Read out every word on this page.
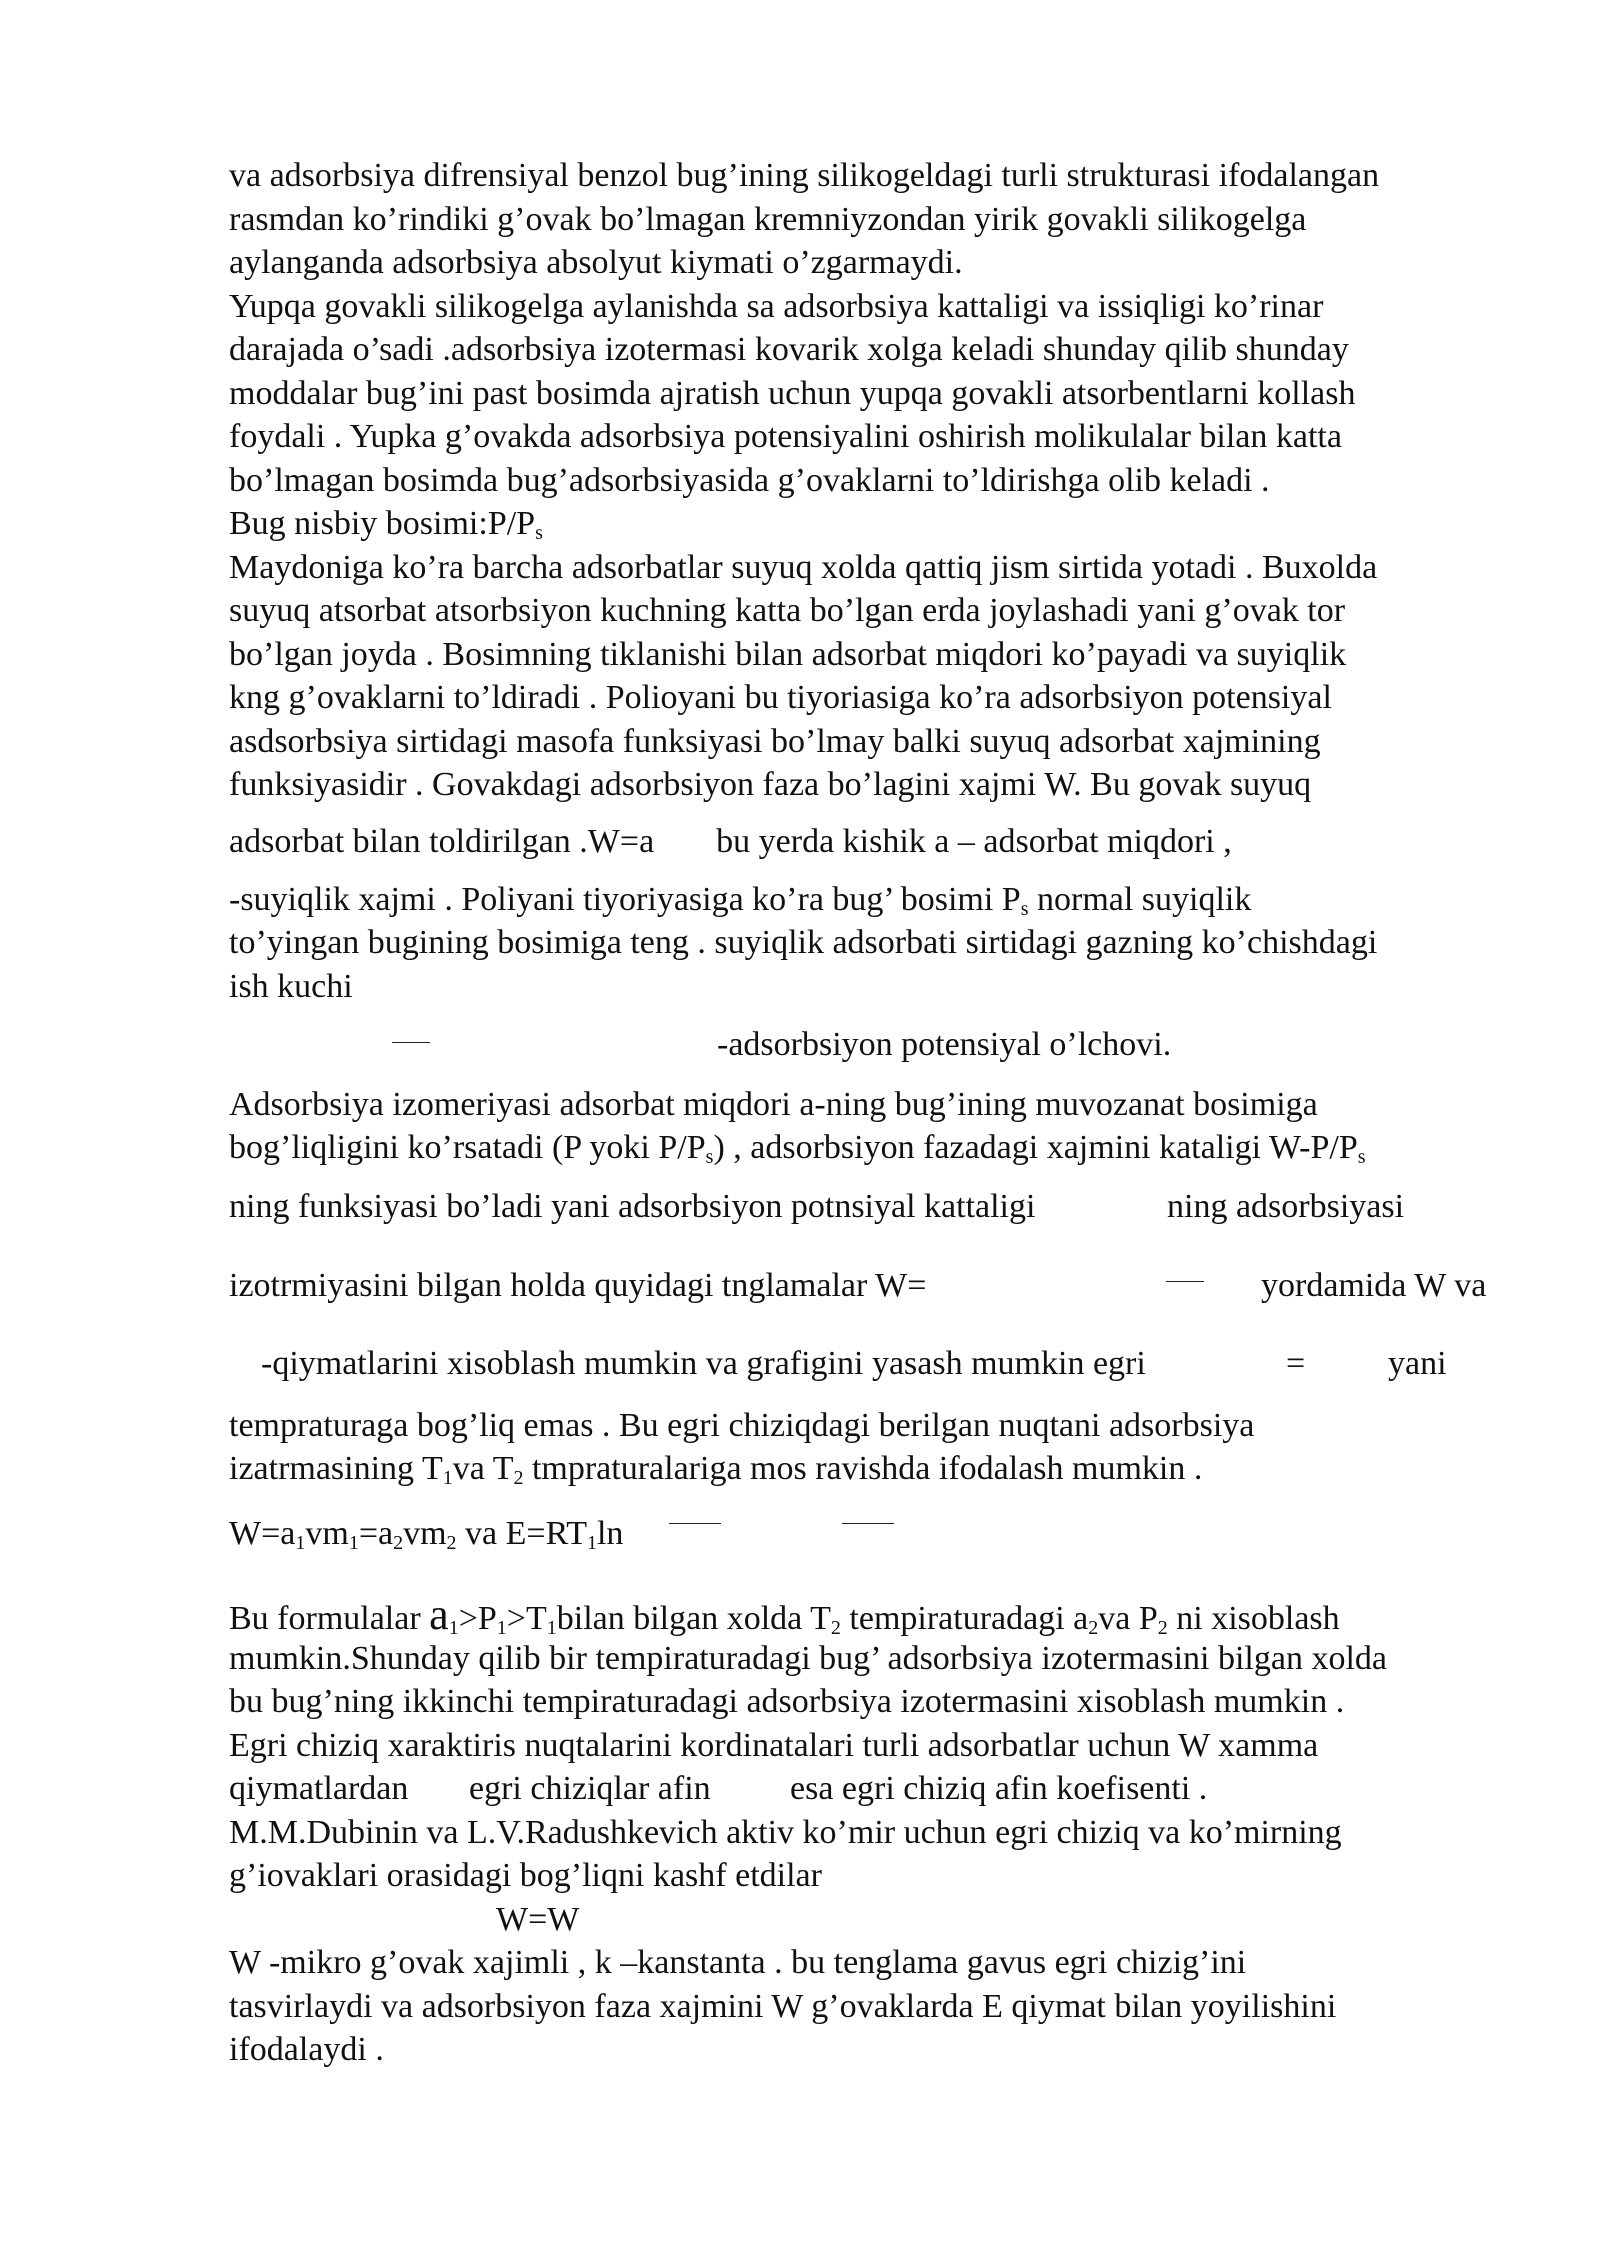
va adsorbsiya difrensiyal benzol bug’ining silikogeldagi turli strukturasi ifodalangan
rasmdan ko’rindiki g’ovak bo’lmagan kremniyzondan yirik govakli silikogelga
aylanganda adsorbsiya absolyut kiymati o’zgarmaydi.
Yupqa govakli silikogelga aylanishda sa adsorbsiya kattaligi va issiqligi ko’rinar
darajada o’sadi .adsorbsiya izotermasi kovarik xolga keladi shunday qilib shunday
moddalar bug’ini past bosimda ajratish uchun yupqa govakli atsorbentlarni kollash
foydali . Yupka g’ovakda adsorbsiya potensiyalini oshirish molikulalar bilan katta
bo’lmagan bosimda bug’adsorbsiyasida g’ovaklarni to’ldirishga olib keladi .
Bug nisbiy $bosimi:P/P_s$
Maydoniga ko’ra barcha adsorbatlar suyuq xolda qattiq jism sirtida yotadi . Buxolda
suyuq atsorbat atsorbsiyon kuchning katta bo’lgan erda joylashadi yani g’ovak tor
bo’lgan joyda . Bosimning tiklanishi bilan adsorbat miqdori ko’payadi va suyiqlik
kng g’ovaklarni to’ldiradi . Polioyani bu tiyoriasiga ko’ra adsorbsiyon potensiyal
asdsorbsiya sirtidagi masofa funksiyasi bo’lmay balki suyuq adsorbat xajmining
funksiyasidir . Govakdagi adsorbsiyon faza bo’lagini xajmi W. Bu govak suyuq
adsorbat bilan toldirilgan .W=a bu yerda kishik a – adsorbat miqdori ,
-suyiqlik xajmi . Poliyani tiyoriyasiga ko’ra bug’ bosimi $P_s$ normal suyiqlik
to’yingan bugining bosimiga teng . suyiqlik adsorbati sirtidagi gazning ko’chishdagi
ish kuchi
-adsorbsiyon potensiyal o’lchovi.
Adsorbsiya izomeriyasi adsorbat miqdori a-ning bug’ining muvozanat bosimiga
bog’liqligini ko’rsatadi (P yoki $P/P_s$) , adsorbsiyon fazadagi xajmini kataligi $W-P/P_s$
ning funksiyasi bo’ladi yani adsorbsiyon potnsiyal kattaligi	ning adsorbsiyasi
izotrmiyasini bilgan holda quyidagi tnglamalar W=	yordamida W va
-qiymatlarini xisoblash mumkin va grafigini yasash mumkin egri	= yani
tempraturaga bog’liq emas . Bu egri chiziqdagi berilgan nuqtani adsorbsiya
izatrmasining $T_1va$ $T_2$ tmpraturalariga mos ravishda ifodalash mumkin .
$W=a_1vm_1=a_2vm_2$ va $E=RT_1\ln$
Bu formulalar $a_1>P_1>T_1bilan$ bilgan xolda $T_2$ tempiraturadagi $a_2va$ $P_2$ ni xisoblash
mumkin.Shunday qilib bir tempiraturadagi bug’ adsorbsiya izotermasini bilgan xolda
bu bug’ning ikkinchi tempiraturadagi adsorbsiya izotermasini xisoblash mumkin .
Egri chiziq xaraktiris nuqtalarini kordinatalari turli adsorbatlar uchun W xamma
qiymatlardan egri chiziqlar afin esa egri chiziq afin koefisenti .
M.M.Dubinin va L.V.Radushkevich aktiv ko’mir uchun egri chiziq va ko’mirning
g’iovaklari orasidagi bog’liqni kashf etdilar
W=W
W -mikro g’ovak xajimli , k –kanstanta . bu tenglama gavus egri chizig’ini
tasvirlaydi va adsorbsiyon faza xajmini W g’ovaklarda E qiymat bilan yoyilishini
ifodalaydi .
